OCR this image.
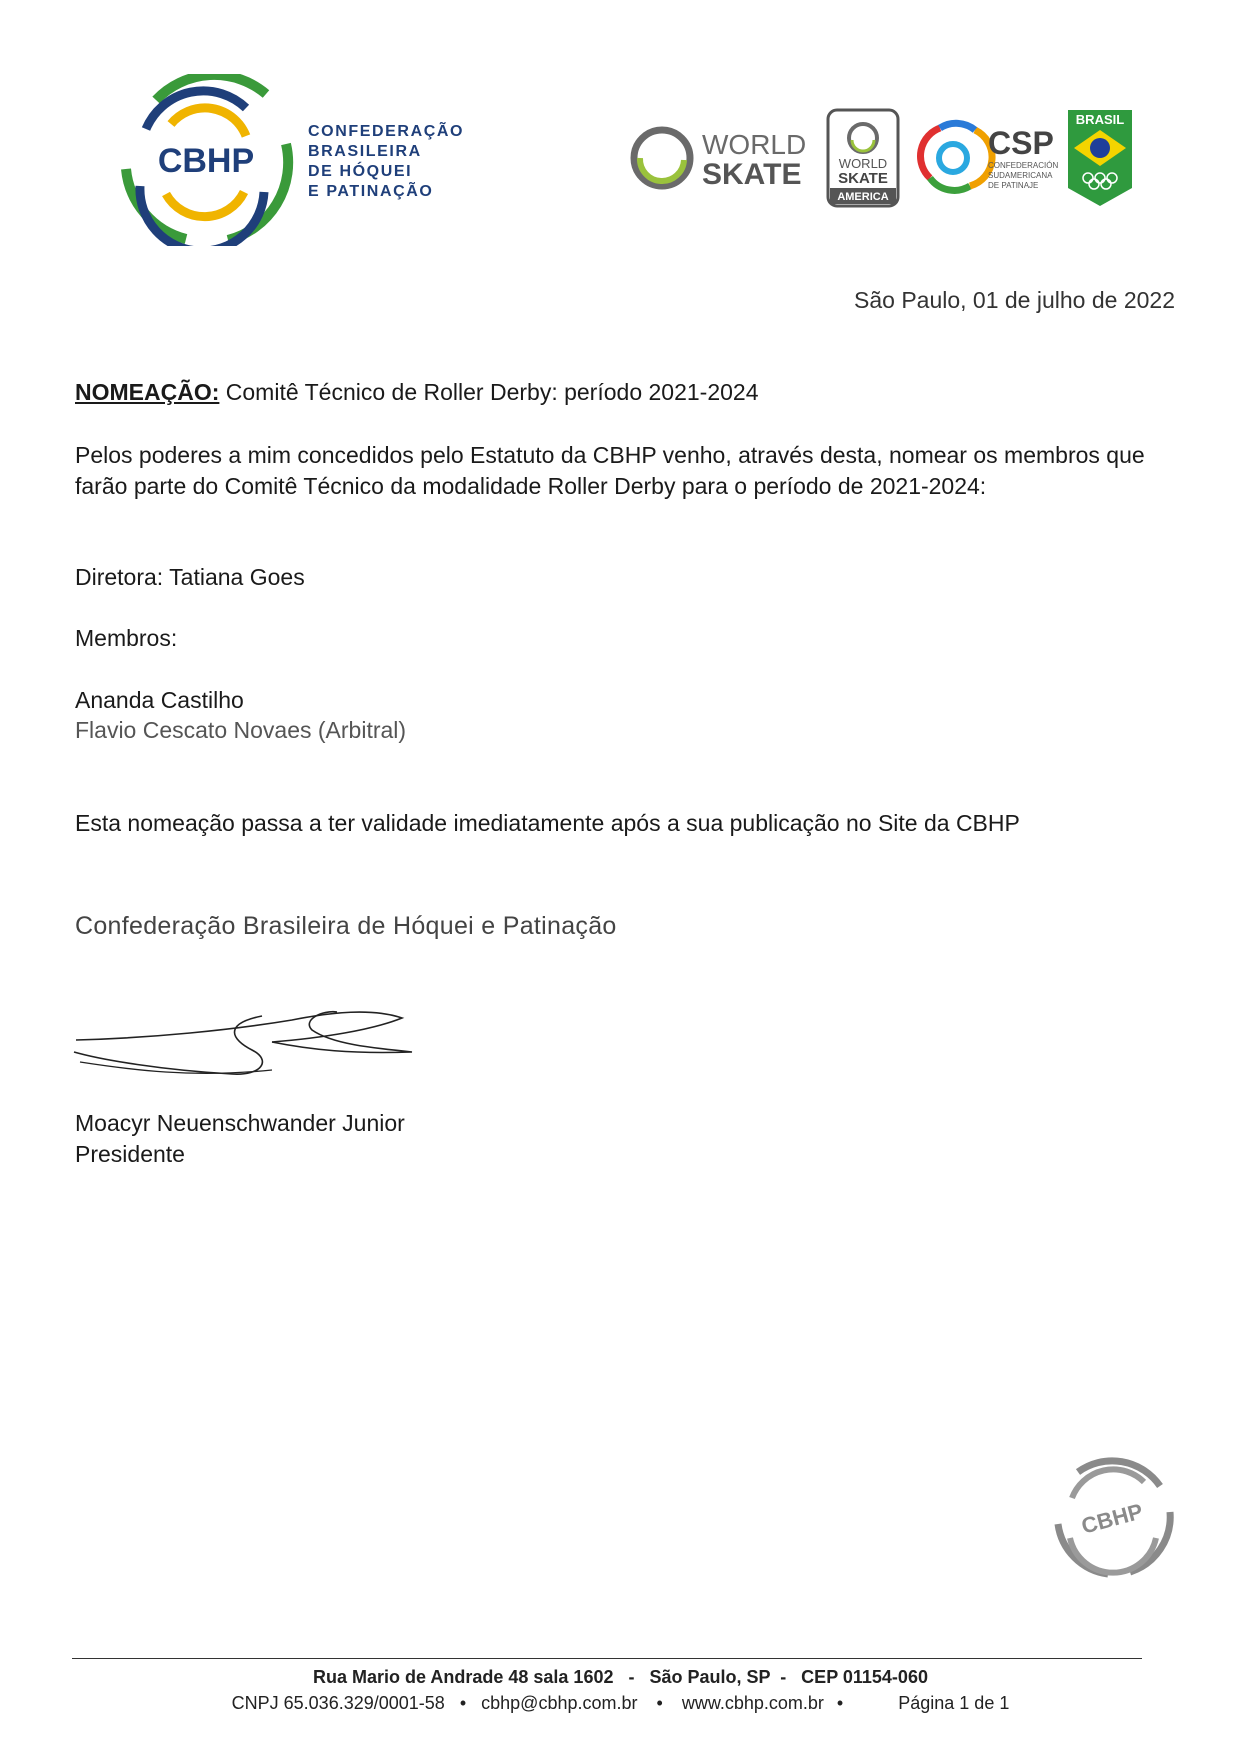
CBHP
CONFEDERAÇÃO
BRASILEIRA
DE HÓQUEI
E PATINAÇÃO
WORLD
SKATE	WORLD
SKATE
AMERICA
CSP
CONFEDERACIÓN
SUDAMERICANA
DE PATINAJE
BRASIL
São Paulo, 01 de julho de 2022
NOMEAÇÃO: Comitê Técnico de Roller Derby: período 2021-2024
Pelos poderes a mim concedidos pelo Estatuto da CBHP venho, através desta, nomear os membros que
farão parte do Comitê Técnico da modalidade Roller Derby para o período de 2021-2024:
Diretora: Tatiana Goes
Membros:
Ananda Castilho
Flavio Cescato Novaes (Arbitral)
Esta nomeação passa a ter validade imediatamente após a sua publicação no Site da CBHP
Confederação Brasileira de Hóquei e Patinação
Moacyr Neuenschwander Junior
Presidente
CBHP
Rua Mario de Andrade 48 sala 1602   -   São Paulo, SP  -   CEP 01154-060
CNPJ 65.036.329/0001-58 • cbhp@cbhp.com.br • www.cbhp.com.br •	Página 1 de 1
